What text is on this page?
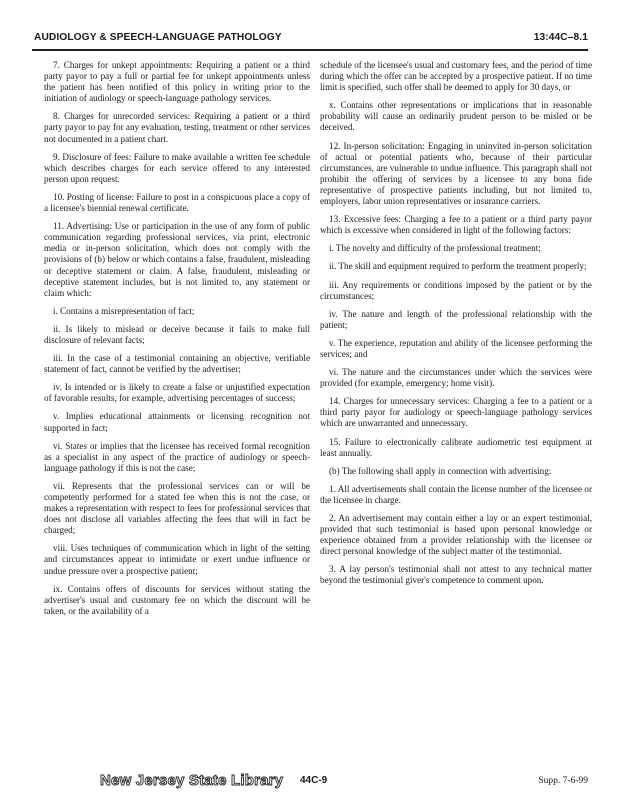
AUDIOLOGY & SPEECH-LANGUAGE PATHOLOGY	13:44C–8.1

7. Charges for unkept appointments: Requiring a patient or a third party payor to pay a full or partial fee for unkept appointments unless the patient has been notified of this policy in writing prior to the initiation of audiology or speech-language pathology services.

8. Charges for unrecorded services: Requiring a patient or a third party payor to pay for any evaluation, testing, treatment or other services not documented in a patient chart.

9. Disclosure of fees: Failure to make available a written fee schedule which describes charges for each service offered to any interested person upon request.

10. Posting of license: Failure to post in a conspicuous place a copy of a licensee's biennial renewal certificate.

11. Advertising: Use or participation in the use of any form of public communication regarding professional services, via print, electronic media or in-person solicitation, which does not comply with the provisions of (b) below or which contains a false, fraudulent, misleading or deceptive statement or claim. A false, fraudulent, misleading or deceptive statement includes, but is not limited to, any statement or claim which:

i. Contains a misrepresentation of fact;

ii. Is likely to mislead or deceive because it fails to make full disclosure of relevant facts;

iii. In the case of a testimonial containing an objective, verifiable statement of fact, cannot be verified by the advertiser;

iv. Is intended or is likely to create a false or unjustified expectation of favorable results, for example, advertising percentages of success;

v. Implies educational attainments or licensing recognition not supported in fact;

vi. States or implies that the licensee has received formal recognition as a specialist in any aspect of the practice of audiology or speech-language pathology if this is not the case;

vii. Represents that the professional services can or will be competently performed for a stated fee when this is not the case, or makes a representation with respect to fees for professional services that does not disclose all variables affecting the fees that will in fact be charged;

viii. Uses techniques of communication which in light of the setting and circumstances appear to intimidate or exert undue influence or undue pressure over a prospective patient;

ix. Contains offers of discounts for services without stating the advertiser's usual and customary fee on which the discount will be taken, or the availability of a

schedule of the licensee's usual and customary fees, and the period of time during which the offer can be accepted by a prospective patient. If no time limit is specified, such offer shall be deemed to apply for 30 days, or

x. Contains other representations or implications that in reasonable probability will cause an ordinarily prudent person to be misled or be deceived.

12. In-person solicitation: Engaging in uninvited in-person solicitation of actual or potential patients who, because of their particular circumstances, are vulnerable to undue influence. This paragraph shall not prohibit the offering of services by a licensee to any bona fide representative of prospective patients including, but not limited to, employers, labor union representatives or insurance carriers.

13. Excessive fees: Charging a fee to a patient or a third party payor which is excessive when considered in light of the following factors:

i. The novelty and difficulty of the professional treatment;

ii. The skill and equipment required to perform the treatment properly;

iii. Any requirements or conditions imposed by the patient or by the circumstances;

iv. The nature and length of the professional relationship with the patient;

v. The experience, reputation and ability of the licensee performing the services; and

vi. The nature and the circumstances under which the services were provided (for example, emergency; home visit).

14. Charges for unnecessary services: Charging a fee to a patient or a third party payor for audiology or speech-language pathology services which are unwarranted and unnecessary.

15. Failure to electronically calibrate audiometric test equipment at least annually.

(b) The following shall apply in connection with advertising:

1. All advertisements shall contain the license number of the licensee or the licensee in charge.

2. An advertisement may contain either a lay or an expert testimonial, provided that such testimonial is based upon personal knowledge or experience obtained from a provider relationship with the licensee or direct personal knowledge of the subject matter of the testimonial.

3. A lay person's testimonial shall not attest to any technical matter beyond the testimonial giver's competence to comment upon.

New Jersey State Library 44C-9	Supp. 7-6-99
